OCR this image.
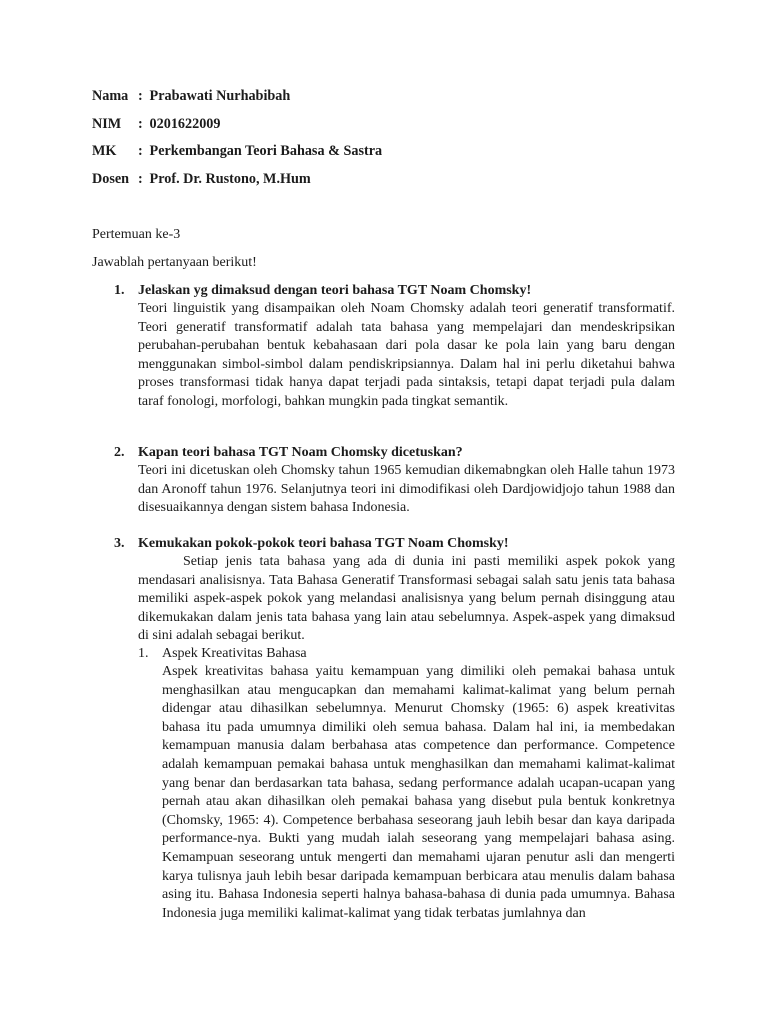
Nama : Prabawati Nurhabibah
NIM : 0201622009
MK : Perkembangan Teori Bahasa & Sastra
Dosen : Prof. Dr. Rustono, M.Hum
Pertemuan ke-3
Jawablah pertanyaan berikut!
1. Jelaskan yg dimaksud dengan teori bahasa TGT Noam Chomsky!
Teori linguistik yang disampaikan oleh Noam Chomsky adalah teori generatif transformatif. Teori generatif transformatif adalah tata bahasa yang mempelajari dan mendeskripsikan perubahan-perubahan bentuk kebahasaan dari pola dasar ke pola lain yang baru dengan menggunakan simbol-simbol dalam pendiskripsiannya. Dalam hal ini perlu diketahui bahwa proses transformasi tidak hanya dapat terjadi pada sintaksis, tetapi dapat terjadi pula dalam taraf fonologi, morfologi, bahkan mungkin pada tingkat semantik.
2. Kapan teori bahasa TGT Noam Chomsky dicetuskan?
Teori ini dicetuskan oleh Chomsky tahun 1965 kemudian dikemabngkan oleh Halle tahun 1973 dan Aronoff tahun 1976. Selanjutnya teori ini dimodifikasi oleh Dardjowidjojo tahun 1988 dan disesuaikannya dengan sistem bahasa Indonesia.
3. Kemukakan pokok-pokok teori bahasa TGT Noam Chomsky!
Setiap jenis tata bahasa yang ada di dunia ini pasti memiliki aspek pokok yang mendasari analisisnya. Tata Bahasa Generatif Transformasi sebagai salah satu jenis tata bahasa memiliki aspek-aspek pokok yang melandasi analisisnya yang belum pernah disinggung atau dikemukakan dalam jenis tata bahasa yang lain atau sebelumnya. Aspek-aspek yang dimaksud di sini adalah sebagai berikut.
1. Aspek Kreativitas Bahasa
Aspek kreativitas bahasa yaitu kemampuan yang dimiliki oleh pemakai bahasa untuk menghasilkan atau mengucapkan dan memahami kalimat-kalimat yang belum pernah didengar atau dihasilkan sebelumnya. Menurut Chomsky (1965: 6) aspek kreativitas bahasa itu pada umumnya dimiliki oleh semua bahasa. Dalam hal ini, ia membedakan kemampuan manusia dalam berbahasa atas competence dan performance. Competence adalah kemampuan pemakai bahasa untuk menghasilkan dan memahami kalimat-kalimat yang benar dan berdasarkan tata bahasa, sedang performance adalah ucapan-ucapan yang pernah atau akan dihasilkan oleh pemakai bahasa yang disebut pula bentuk konkretnya (Chomsky, 1965: 4). Competence berbahasa seseorang jauh lebih besar dan kaya daripada performance-nya. Bukti yang mudah ialah seseorang yang mempelajari bahasa asing. Kemampuan seseorang untuk mengerti dan memahami ujaran penutur asli dan mengerti karya tulisnya jauh lebih besar daripada kemampuan berbicara atau menulis dalam bahasa asing itu. Bahasa Indonesia seperti halnya bahasa-bahasa di dunia pada umumnya. Bahasa Indonesia juga memiliki kalimat-kalimat yang tidak terbatas jumlahnya dan
